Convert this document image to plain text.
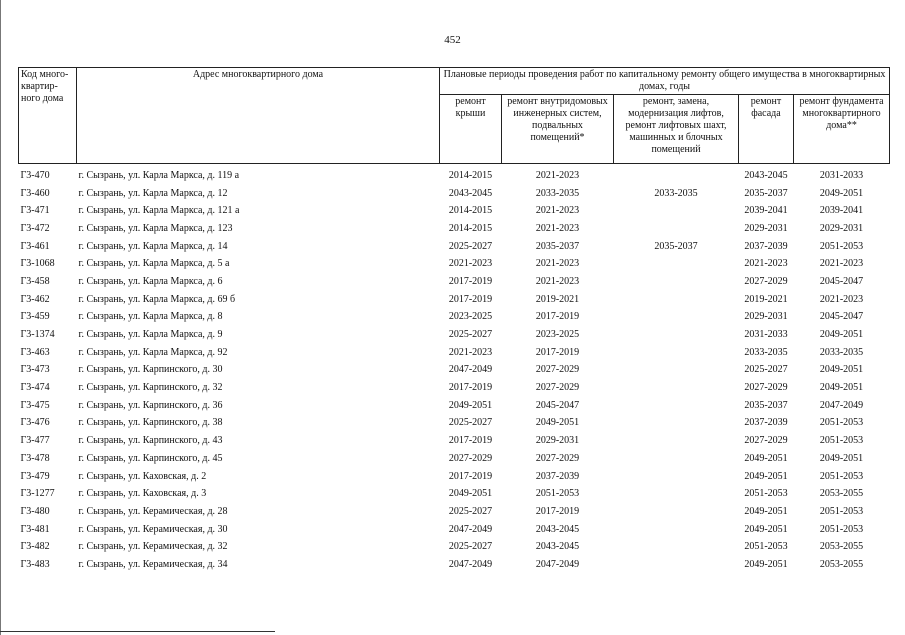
452
Код много-квартир-ного дома	Адрес многоквартирного дома	Плановые периоды проведения работ по капитальному ремонту общего имущества в многоквартирных домах, годы				
		ремонт крыши	ремонт внутридомовых инженерных систем, подвальных помещений*	ремонт, замена, модернизация лифтов, ремонт лифтовых шахт, машинных и блочных помещений	ремонт фасада	ремонт фундамента многоквартирного дома**
Г3-470	г. Сызрань, ул. Карла Маркса, д. 119 а	2014-2015	2021-2023		2043-2045	2031-2033
Г3-460	г. Сызрань, ул. Карла Маркса, д. 12	2043-2045	2033-2035	2033-2035	2035-2037	2049-2051
Г3-471	г. Сызрань, ул. Карла Маркса, д. 121 а	2014-2015	2021-2023		2039-2041	2039-2041
Г3-472	г. Сызрань, ул. Карла Маркса, д. 123	2014-2015	2021-2023		2029-2031	2029-2031
Г3-461	г. Сызрань, ул. Карла Маркса, д. 14	2025-2027	2035-2037	2035-2037	2037-2039	2051-2053
Г3-1068	г. Сызрань, ул. Карла Маркса, д. 5 а	2021-2023	2021-2023		2021-2023	2021-2023
Г3-458	г. Сызрань, ул. Карла Маркса, д. 6	2017-2019	2021-2023		2027-2029	2045-2047
Г3-462	г. Сызрань, ул. Карла Маркса, д. 69 б	2017-2019	2019-2021		2019-2021	2021-2023
Г3-459	г. Сызрань, ул. Карла Маркса, д. 8	2023-2025	2017-2019		2029-2031	2045-2047
Г3-1374	г. Сызрань, ул. Карла Маркса, д. 9	2025-2027	2023-2025		2031-2033	2049-2051
Г3-463	г. Сызрань, ул. Карла Маркса, д. 92	2021-2023	2017-2019		2033-2035	2033-2035
Г3-473	г. Сызрань, ул. Карпинского, д. 30	2047-2049	2027-2029		2025-2027	2049-2051
Г3-474	г. Сызрань, ул. Карпинского, д. 32	2017-2019	2027-2029		2027-2029	2049-2051
Г3-475	г. Сызрань, ул. Карпинского, д. 36	2049-2051	2045-2047		2035-2037	2047-2049
Г3-476	г. Сызрань, ул. Карпинского, д. 38	2025-2027	2049-2051		2037-2039	2051-2053
Г3-477	г. Сызрань, ул. Карпинского, д. 43	2017-2019	2029-2031		2027-2029	2051-2053
Г3-478	г. Сызрань, ул. Карпинского, д. 45	2027-2029	2027-2029		2049-2051	2049-2051
Г3-479	г. Сызрань, ул. Каховская, д. 2	2017-2019	2037-2039		2049-2051	2051-2053
Г3-1277	г. Сызрань, ул. Каховская, д. 3	2049-2051	2051-2053		2051-2053	2053-2055
Г3-480	г. Сызрань, ул. Керамическая, д. 28	2025-2027	2017-2019		2049-2051	2051-2053
Г3-481	г. Сызрань, ул. Керамическая, д. 30	2047-2049	2043-2045		2049-2051	2051-2053
Г3-482	г. Сызрань, ул. Керамическая, д. 32	2025-2027	2043-2045		2051-2053	2053-2055
Г3-483	г. Сызрань, ул. Керамическая, д. 34	2047-2049	2047-2049		2049-2051	2053-2055
